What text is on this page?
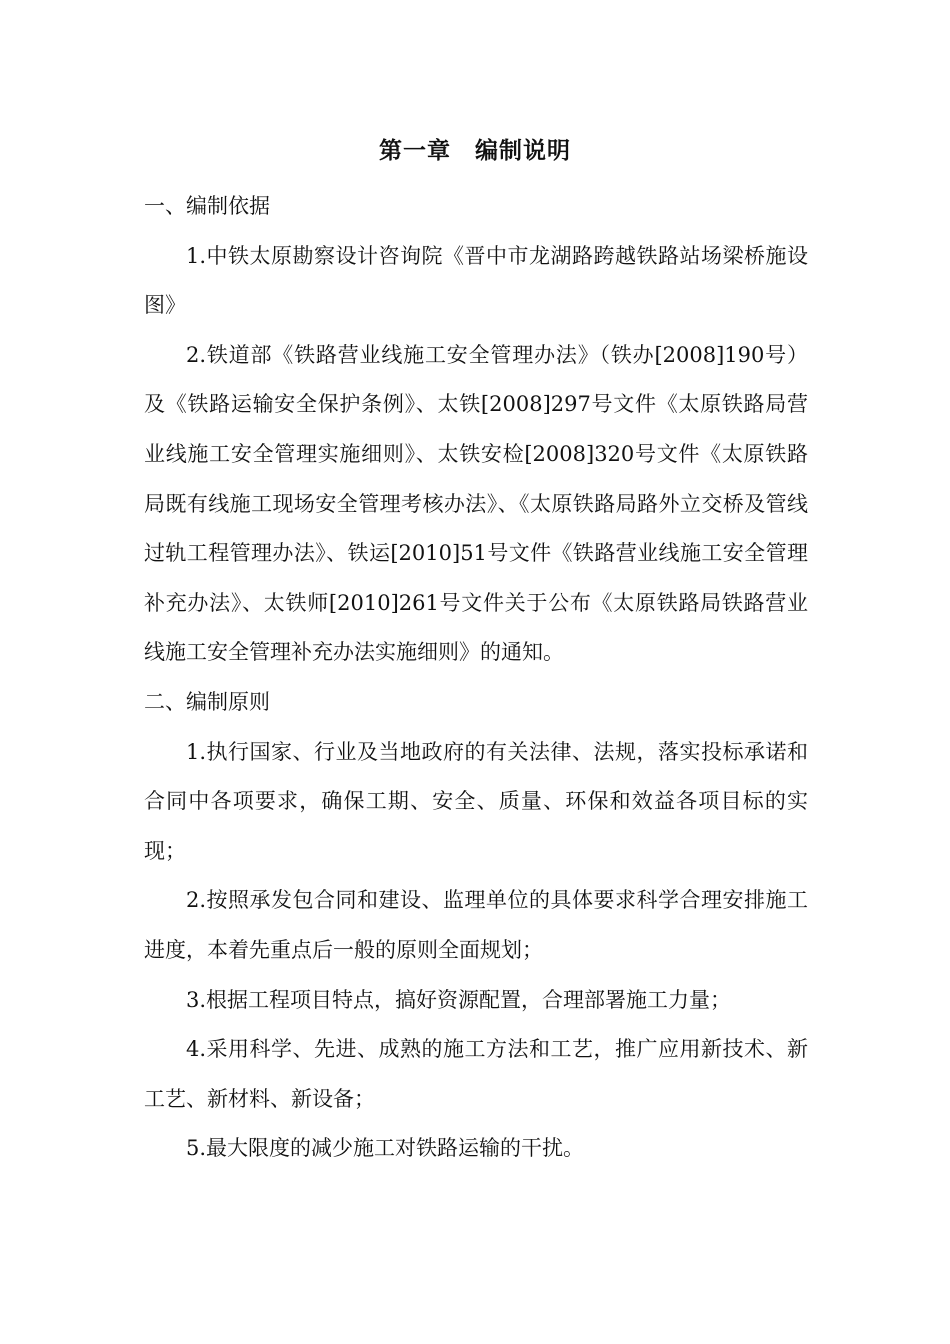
第一章　编制说明

一、编制依据

1.中铁太原勘察设计咨询院《晋中市龙湖路跨越铁路站场梁桥施设图》

2.铁道部《铁路营业线施工安全管理办法》（铁办[2008]190号）及《铁路运输安全保护条例》、太铁[2008]297号文件《太原铁路局营业线施工安全管理实施细则》、太铁安检[2008]320号文件《太原铁路局既有线施工现场安全管理考核办法》、《太原铁路局路外立交桥及管线过轨工程管理办法》、铁运[2010]51号文件《铁路营业线施工安全管理补充办法》、太铁师[2010]261号文件关于公布《太原铁路局铁路营业线施工安全管理补充办法实施细则》的通知。

二、编制原则

1.执行国家、行业及当地政府的有关法律、法规，落实投标承诺和合同中各项要求，确保工期、安全、质量、环保和效益各项目标的实现；

2.按照承发包合同和建设、监理单位的具体要求科学合理安排施工进度，本着先重点后一般的原则全面规划；

3.根据工程项目特点，搞好资源配置，合理部署施工力量；

4.采用科学、先进、成熟的施工方法和工艺，推广应用新技术、新工艺、新材料、新设备；

5.最大限度的减少施工对铁路运输的干扰。
